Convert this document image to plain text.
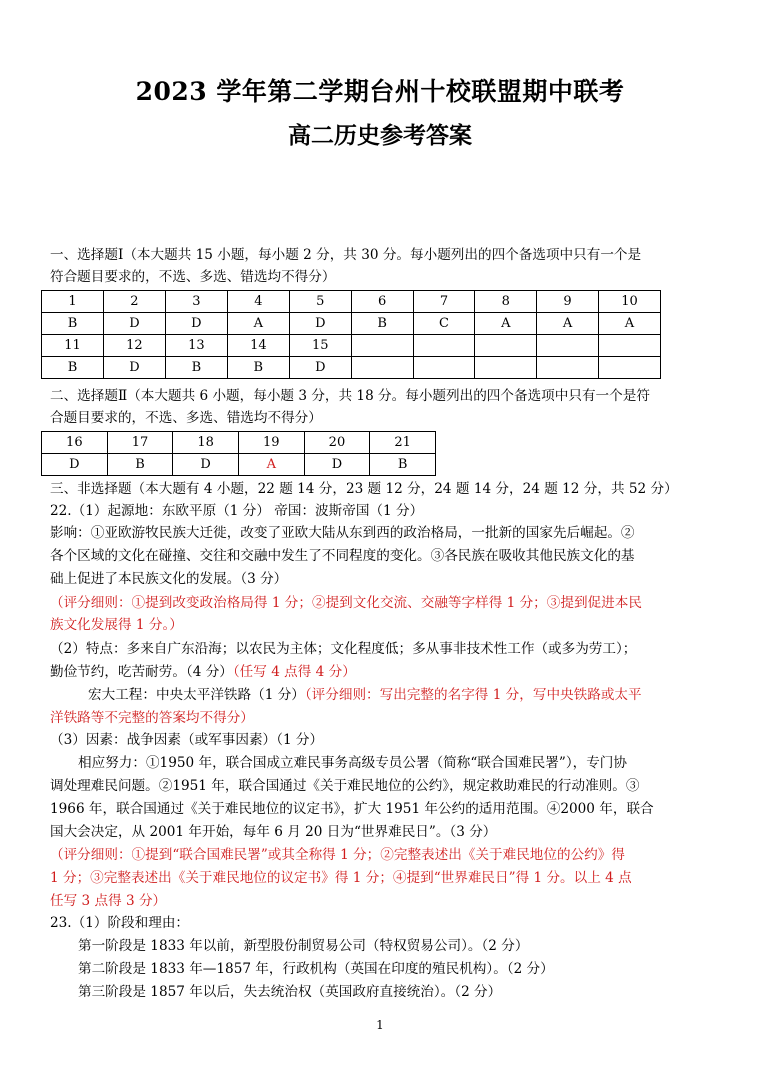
2023 学年第二学期台州十校联盟期中联考
高二历史参考答案
一、选择题Ⅰ（本大题共 15 小题，每小题 2 分，共 30 分。每小题列出的四个备选项中只有一个是
符合题目要求的，不选、多选、错选均不得分）
1	2	3	4	5	6	7	8	9	10
B	D	D	A	D	B	C	A	A	A
11	12	13	14	15					
B	D	B	B	D					
二、选择题Ⅱ（本大题共 6 小题，每小题 3 分，共 18 分。每小题列出的四个备选项中只有一个是符
合题目要求的，不选、多选、错选均不得分）
16	17	18	19	20	21
D	B	D	A	D	B
三、非选择题（本大题有 4 小题，22 题 14 分，23 题 12 分，24 题 14 分，24 题 12 分，共 52 分）
22.（1）起源地：东欧平原（1 分） 帝国：波斯帝国（1 分）
影响：①亚欧游牧民族大迁徙，改变了亚欧大陆从东到西的政治格局，一批新的国家先后崛起。②
各个区域的文化在碰撞、交往和交融中发生了不同程度的变化。③各民族在吸收其他民族文化的基
础上促进了本民族文化的发展。（3 分）
（评分细则：①提到改变政治格局得 1 分；②提到文化交流、交融等字样得 1 分；③提到促进本民
族文化发展得 1 分。）
（2）特点：多来自广东沿海；以农民为主体；文化程度低；多从事非技术性工作（或多为劳工）；
勤俭节约，吃苦耐劳。（4 分）（任写 4 点得 4 分）
宏大工程：中央太平洋铁路（1 分）（评分细则：写出完整的名字得 1 分，写中央铁路或太平
洋铁路等不完整的答案均不得分）
（3）因素：战争因素（或军事因素）（1 分）
相应努力：①1950 年，联合国成立难民事务高级专员公署（简称“联合国难民署”），专门协
调处理难民问题。②1951 年，联合国通过《关于难民地位的公约》，规定救助难民的行动准则。③
1966 年，联合国通过《关于难民地位的议定书》，扩大 1951 年公约的适用范围。④2000 年，联合
国大会决定，从 2001 年开始，每年 6 月 20 日为“世界难民日”。（3 分）
（评分细则：①提到“联合国难民署”或其全称得 1 分；②完整表述出《关于难民地位的公约》得
1 分；③完整表述出《关于难民地位的议定书》得 1 分；④提到“世界难民日”得 1 分。以上 4 点
任写 3 点得 3 分）
23.（1）阶段和理由：
第一阶段是 1833 年以前，新型股份制贸易公司（特权贸易公司）。（2 分）
第二阶段是 1833 年—1857 年，行政机构（英国在印度的殖民机构）。（2 分）
第三阶段是 1857 年以后，失去统治权（英国政府直接统治）。（2 分）
1
